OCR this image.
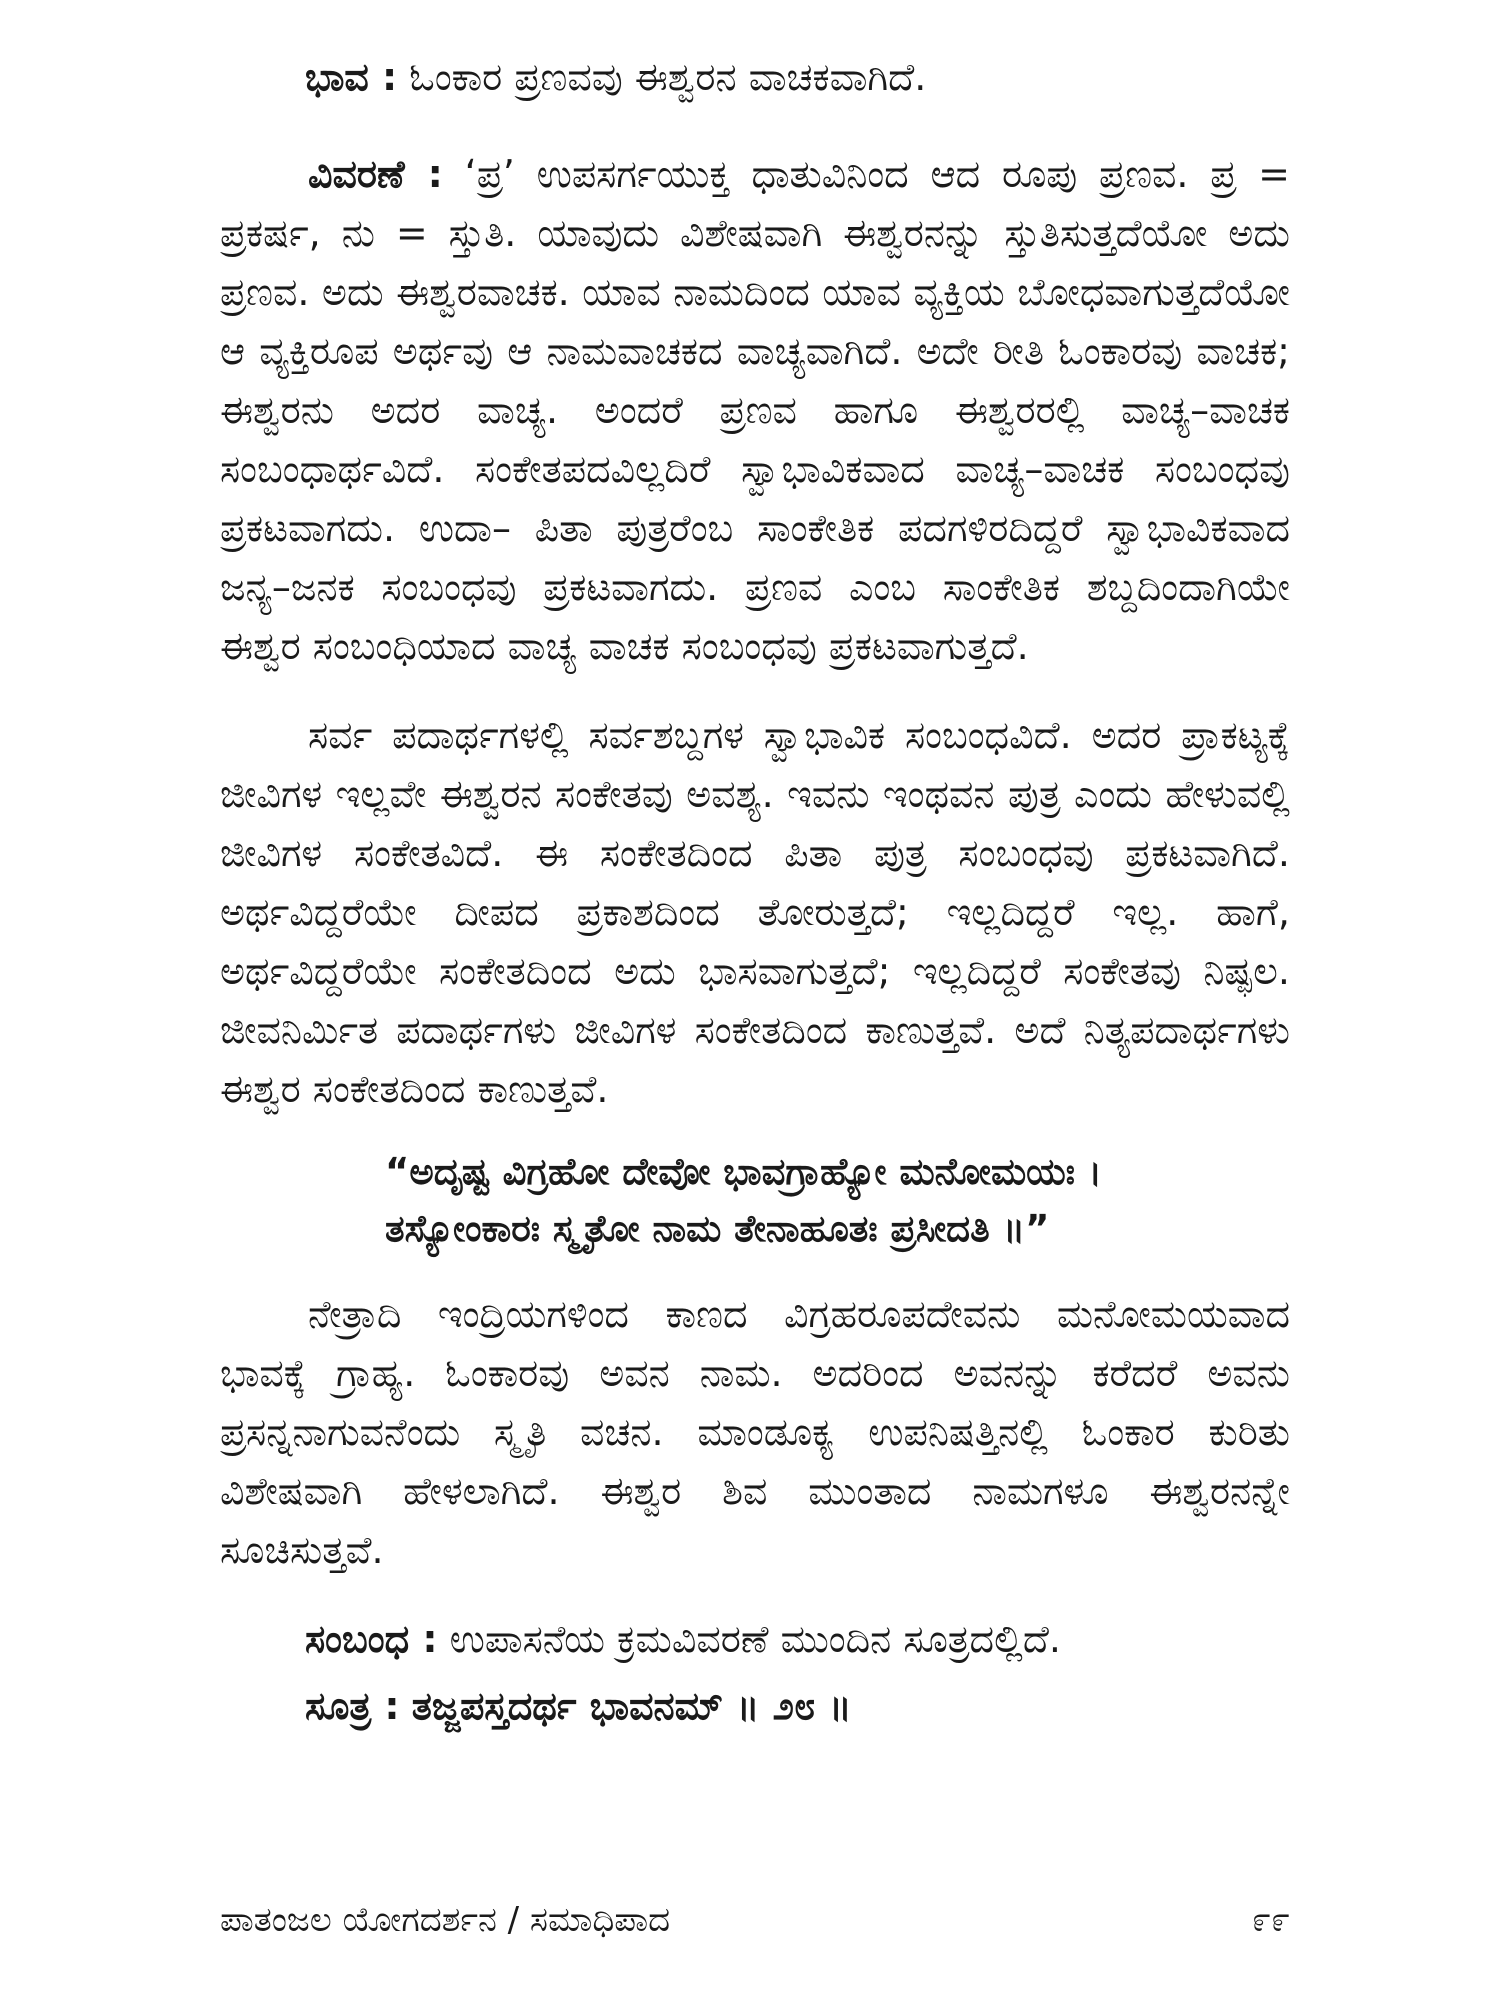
ಭಾವ : ಓಂಕಾರ ಪ್ರಣವವು ಈಶ್ವರನ ವಾಚಕವಾಗಿದೆ.

ವಿವರಣೆ : ‘ಪ್ರ’ ಉಪಸರ್ಗಯುಕ್ತ ಧಾತುವಿನಿಂದ ಆದ ರೂಪು ಪ್ರಣವ. ಪ್ರ = ಪ್ರಕರ್ಷ, ನು = ಸ್ತುತಿ. ಯಾವುದು ವಿಶೇಷವಾಗಿ ಈಶ್ವರನನ್ನು ಸ್ತುತಿಸುತ್ತದೆಯೋ ಅದು ಪ್ರಣವ. ಅದು ಈಶ್ವರವಾಚಕ. ಯಾವ ನಾಮದಿಂದ ಯಾವ ವ್ಯಕ್ತಿಯ ಬೋಧವಾಗುತ್ತದೆಯೋ ಆ ವ್ಯಕ್ತಿರೂಪ ಅರ್ಥವು ಆ ನಾಮವಾಚಕದ ವಾಚ್ಯವಾಗಿದೆ. ಅದೇ ರೀತಿ ಓಂಕಾರವು ವಾಚಕ; ಈಶ್ವರನು ಅದರ ವಾಚ್ಯ. ಅಂದರೆ ಪ್ರಣವ ಹಾಗೂ ಈಶ್ವರರಲ್ಲಿ ವಾಚ್ಯ–ವಾಚಕ ಸಂಬಂಧಾರ್ಥವಿದೆ. ಸಂಕೇತಪದವಿಲ್ಲದಿರೆ ಸ್ವಾಭಾವಿಕವಾದ ವಾಚ್ಯ–ವಾಚಕ ಸಂಬಂಧವು ಪ್ರಕಟವಾಗದು. ಉದಾ– ಪಿತಾ ಪುತ್ರರೆಂಬ ಸಾಂಕೇತಿಕ ಪದಗಳಿರದಿದ್ದರೆ ಸ್ವಾಭಾವಿಕವಾದ ಜನ್ಯ–ಜನಕ ಸಂಬಂಧವು ಪ್ರಕಟವಾಗದು. ಪ್ರಣವ ಎಂಬ ಸಾಂಕೇತಿಕ ಶಬ್ದದಿಂದಾಗಿಯೇ ಈಶ್ವರ ಸಂಬಂಧಿಯಾದ ವಾಚ್ಯ ವಾಚಕ ಸಂಬಂಧವು ಪ್ರಕಟವಾಗುತ್ತದೆ.

ಸರ್ವ ಪದಾರ್ಥಗಳಲ್ಲಿ ಸರ್ವಶಬ್ದಗಳ ಸ್ವಾಭಾವಿಕ ಸಂಬಂಧವಿದೆ. ಅದರ ಪ್ರಾಕಟ್ಯಕ್ಕೆ ಜೀವಿಗಳ ಇಲ್ಲವೇ ಈಶ್ವರನ ಸಂಕೇತವು ಅವಶ್ಯ. ಇವನು ಇಂಥವನ ಪುತ್ರ ಎಂದು ಹೇಳುವಲ್ಲಿ ಜೀವಿಗಳ ಸಂಕೇತವಿದೆ. ಈ ಸಂಕೇತದಿಂದ ಪಿತಾ ಪುತ್ರ ಸಂಬಂಧವು ಪ್ರಕಟವಾಗಿದೆ. ಅರ್ಥವಿದ್ದರೆಯೇ ದೀಪದ ಪ್ರಕಾಶದಿಂದ ತೋರುತ್ತದೆ; ಇಲ್ಲದಿದ್ದರೆ ಇಲ್ಲ. ಹಾಗೆ, ಅರ್ಥವಿದ್ದರೆಯೇ ಸಂಕೇತದಿಂದ ಅದು ಭಾಸವಾಗುತ್ತದೆ; ಇಲ್ಲದಿದ್ದರೆ ಸಂಕೇತವು ನಿಷ್ಫಲ. ಜೀವನಿರ್ಮಿತ ಪದಾರ್ಥಗಳು ಜೀವಿಗಳ ಸಂಕೇತದಿಂದ ಕಾಣುತ್ತವೆ. ಅದೆ ನಿತ್ಯಪದಾರ್ಥಗಳು ಈಶ್ವರ ಸಂಕೇತದಿಂದ ಕಾಣುತ್ತವೆ.

“ಅದೃಷ್ಟ ವಿಗ್ರಹೋ ದೇವೋ ಭಾವಗ್ರಾಹ್ಯೋ ಮನೋಮಯಃ ।

ತಸ್ಯೋಂಕಾರಃ ಸ್ಮೃತೋ ನಾಮ ತೇನಾಹೂತಃ ಪ್ರಸೀದತಿ ॥”

ನೇತ್ರಾದಿ ಇಂದ್ರಿಯಗಳಿಂದ ಕಾಣದ ವಿಗ್ರಹರೂಪದೇವನು ಮನೋಮಯವಾದ ಭಾವಕ್ಕೆ ಗ್ರಾಹ್ಯ. ಓಂಕಾರವು ಅವನ ನಾಮ. ಅದರಿಂದ ಅವನನ್ನು ಕರೆದರೆ ಅವನು ಪ್ರಸನ್ನನಾಗುವನೆಂದು ಸ್ಮೃತಿ ವಚನ. ಮಾಂಡೂಕ್ಯ ಉಪನಿಷತ್ತಿನಲ್ಲಿ ಓಂಕಾರ ಕುರಿತು ವಿಶೇಷವಾಗಿ ಹೇಳಲಾಗಿದೆ. ಈಶ್ವರ ಶಿವ ಮುಂತಾದ ನಾಮಗಳೂ ಈಶ್ವರನನ್ನೇ ಸೂಚಿಸುತ್ತವೆ.

ಸಂಬಂಧ : ಉಪಾಸನೆಯ ಕ್ರಮವಿವರಣೆ ಮುಂದಿನ ಸೂತ್ರದಲ್ಲಿದೆ.

ಸೂತ್ರ : ತಜ್ಜಪಸ್ತದರ್ಥ ಭಾವನಮ್ ॥ ೨೮ ॥

ಪಾತಂಜಲ ಯೋಗದರ್ಶನ / ಸಮಾಧಿಪಾದ	೯೯
